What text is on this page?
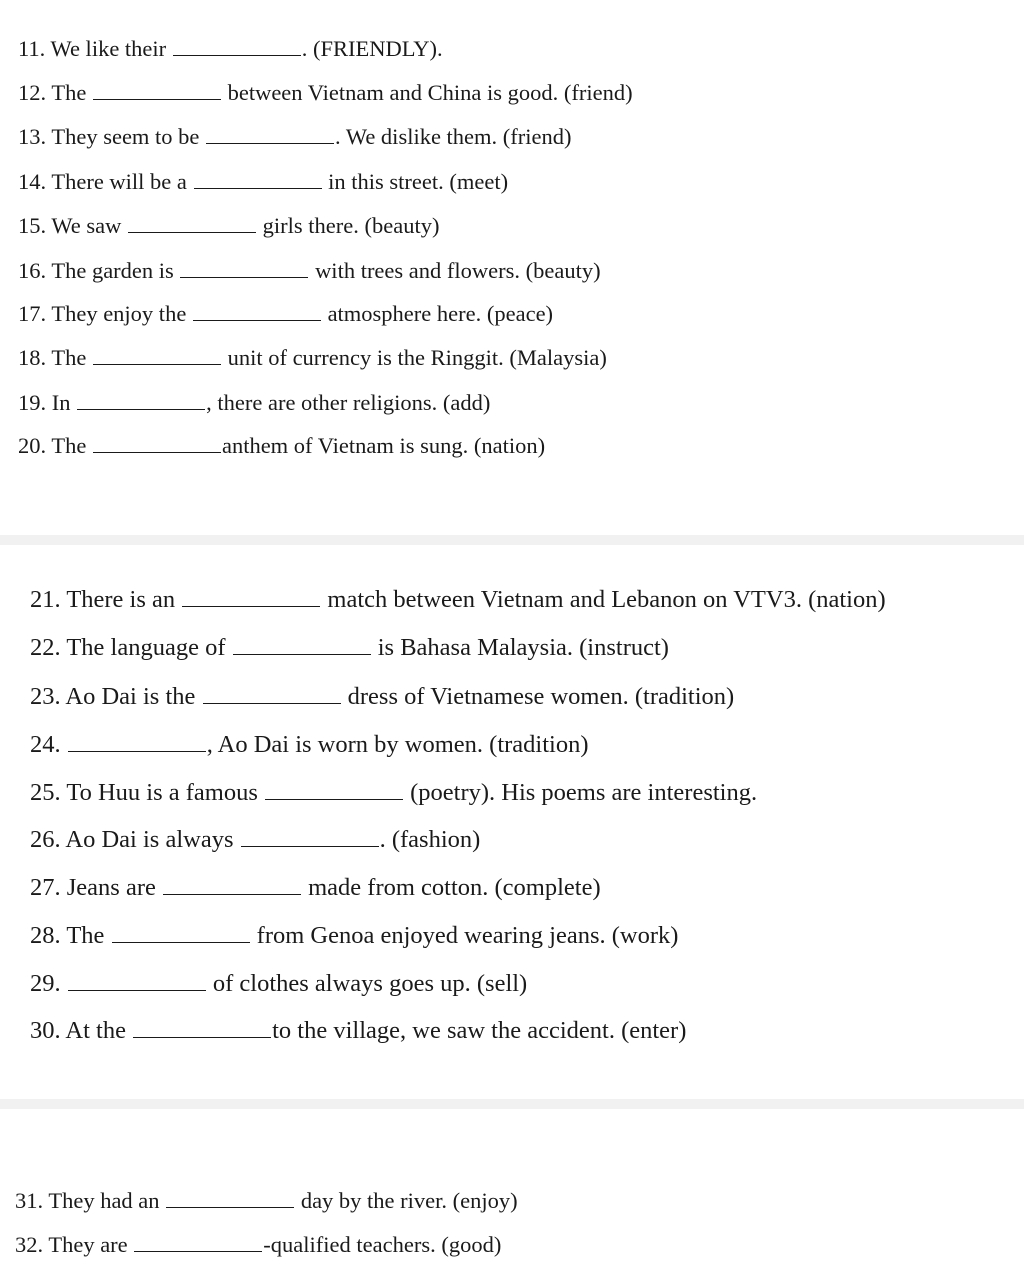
11. We like their	. (FRIENDLY).
12. The	between Vietnam and China is good. (friend)
13. They seem to be	. We dislike them. (friend)
14. There will be a	in this street. (meet)
15. We saw	girls there. (beauty)
16. The garden is	with trees and flowers. (beauty)
17. They enjoy the	atmosphere here. (peace)
18. The	unit of currency is the Ringgit. (Malaysia)
19. In	, there are other religions. (add)
20. The	anthem of Vietnam is sung. (nation)
21. There is an	match between Vietnam and Lebanon on VTV3. (nation)
22. The language of	is Bahasa Malaysia. (instruct)
23. Ao Dai is the	dress of Vietnamese women. (tradition)
24.	, Ao Dai is worn by women. (tradition)
25. To Huu is a famous	(poetry). His poems are interesting.
26. Ao Dai is always	. (fashion)
27. Jeans are	made from cotton. (complete)
28. The	from Genoa enjoyed wearing jeans. (work)
29.	of clothes always goes up. (sell)
30. At the	to the village, we saw the accident. (enter)
31. They had an	day by the river. (enjoy)
32. They are	-qualified teachers. (good)
